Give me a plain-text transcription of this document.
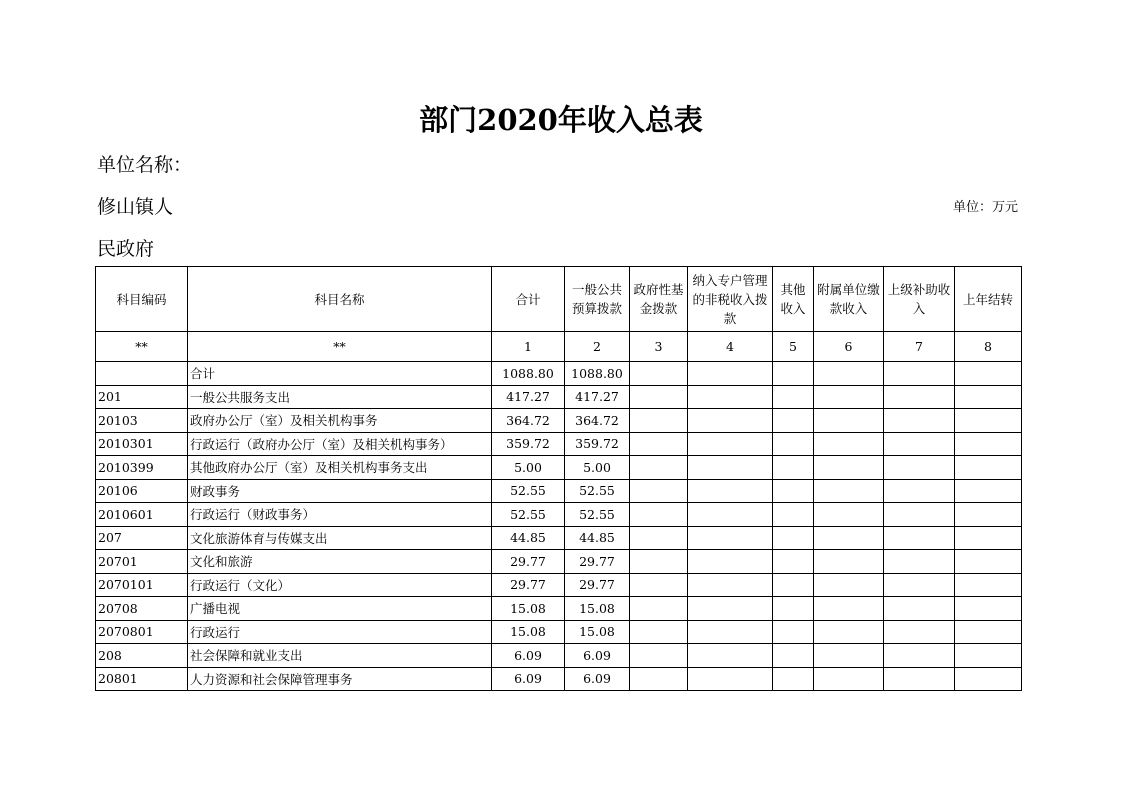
部门2020年收入总表
单位名称：
修山镇人
民政府
单位：万元
科目编码	科目名称	合计	一般公共预算拨款	政府性基金拨款	纳入专户管理的非税收入拨款	其他收入	附属单位缴款收入	上级补助收入	上年结转
**	**	1	2	3	4	5	6	7	8
	合计	1088.80	1088.80						
201	一般公共服务支出	417.27	417.27						
20103	政府办公厅（室）及相关机构事务	364.72	364.72						
2010301	行政运行（政府办公厅（室）及相关机构事务）	359.72	359.72						
2010399	其他政府办公厅（室）及相关机构事务支出	5.00	5.00						
20106	财政事务	52.55	52.55						
2010601	行政运行（财政事务）	52.55	52.55						
207	文化旅游体育与传媒支出	44.85	44.85						
20701	文化和旅游	29.77	29.77						
2070101	行政运行（文化）	29.77	29.77						
20708	广播电视	15.08	15.08						
2070801	行政运行	15.08	15.08						
208	社会保障和就业支出	6.09	6.09						
20801	人力资源和社会保障管理事务	6.09	6.09						
